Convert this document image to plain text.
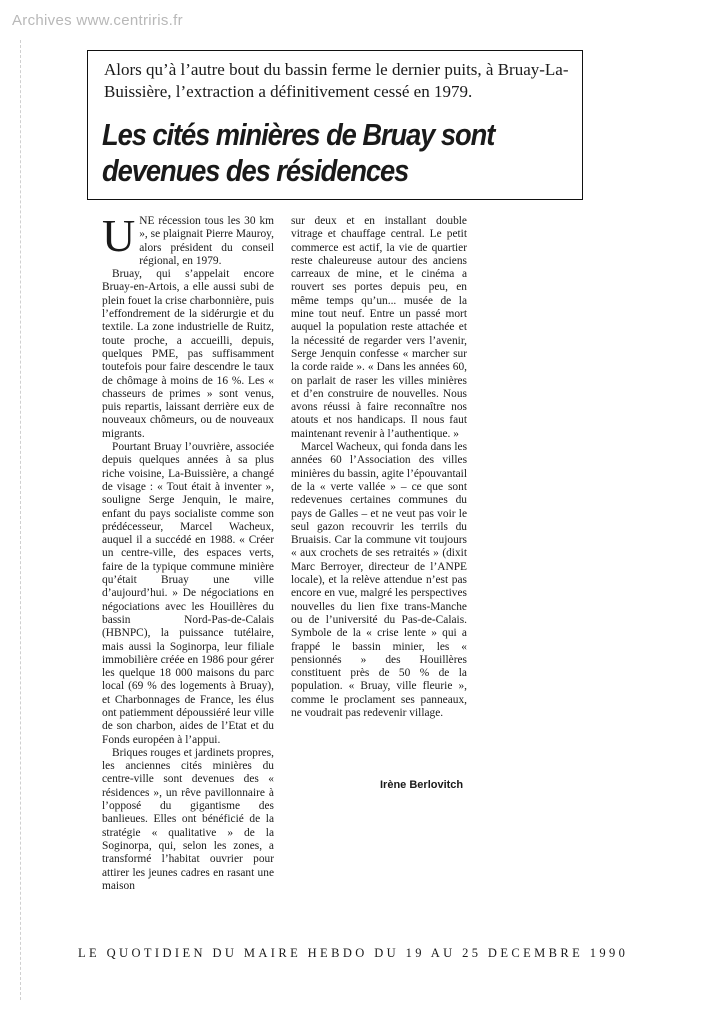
Archives www.centriris.fr

Alors qu’à l’autre bout du bassin ferme le dernier puits, à Bruay-La-Buissière, l’extraction a définitivement cessé en 1979.

Les cités minières de Bruay sont devenues des résidences
U NE récession tous les 30 km », se plaignait Pierre Mauroy, alors président du conseil régional, en 1979.

Bruay, qui s’appelait encore Bruay-en-Artois, a elle aussi subi de plein fouet la crise charbonnière, puis l’effondrement de la sidérurgie et du textile. La zone industrielle de Ruitz, toute proche, a accueilli, depuis, quelques PME, pas suffisamment toutefois pour faire descendre le taux de chômage à moins de 16 %. Les « chasseurs de primes » sont venus, puis repartis, laissant derrière eux de nouveaux chômeurs, ou de nouveaux migrants.

Pourtant Bruay l’ouvrière, associée depuis quelques années à sa plus riche voisine, La-Buissière, a changé de visage : « Tout était à inventer », souligne Serge Jenquin, le maire, enfant du pays socialiste comme son prédécesseur, Marcel Wacheux, auquel il a succédé en 1988. « Créer un centre-ville, des espaces verts, faire de la typique commune minière qu’était Bruay une ville d’aujourd’hui. » De négociations en négociations avec les Houillères du bassin Nord-Pas-de-Calais (HBNPC), la puissance tutélaire, mais aussi la Soginorpa, leur filiale immobilière créée en 1986 pour gérer les quelque 18 000 maisons du parc local (69 % des logements à Bruay), et Charbonnages de France, les élus ont patiemment dépoussiéré leur ville de son charbon, aides de l’Etat et du Fonds européen à l’appui.

Briques rouges et jardinets propres, les anciennes cités minières du centre-ville sont devenues des « résidences », un rêve pavillonnaire à l’opposé du gigantisme des banlieues. Elles ont bénéficié de la stratégie « qualitative » de la Soginorpa, qui, selon les zones, a transformé l’habitat ouvrier pour attirer les jeunes cadres en rasant une maison

sur deux et en installant double vitrage et chauffage central. Le petit commerce est actif, la vie de quartier reste chaleureuse autour des anciens carreaux de mine, et le cinéma a rouvert ses portes depuis peu, en même temps qu’un... musée de la mine tout neuf. Entre un passé mort auquel la population reste attachée et la nécessité de regarder vers l’avenir, Serge Jenquin confesse « marcher sur la corde raide ». « Dans les années 60, on parlait de raser les villes minières et d’en construire de nouvelles. Nous avons réussi à faire reconnaître nos atouts et nos handicaps. Il nous faut maintenant revenir à l’authentique. »

Marcel Wacheux, qui fonda dans les années 60 l’Association des villes minières du bassin, agite l’épouvantail de la « verte vallée » – ce que sont redevenues certaines communes du pays de Galles – et ne veut pas voir le seul gazon recouvrir les terrils du Bruaisis. Car la commune vit toujours « aux crochets de ses retraités » (dixit Marc Berroyer, directeur de l’ANPE locale), et la relève attendue n’est pas encore en vue, malgré les perspectives nouvelles du lien fixe trans-Manche ou de l’université du Pas-de-Calais. Symbole de la « crise lente » qui a frappé le bassin minier, les « pensionnés » des Houillères constituent près de 50 % de la population. « Bruay, ville fleurie », comme le proclament ses panneaux, ne voudrait pas redevenir village.

Irène Berlovitch
LE QUOTIDIEN DU MAIRE HEBDO DU 19 AU 25 DECEMBRE 1990
